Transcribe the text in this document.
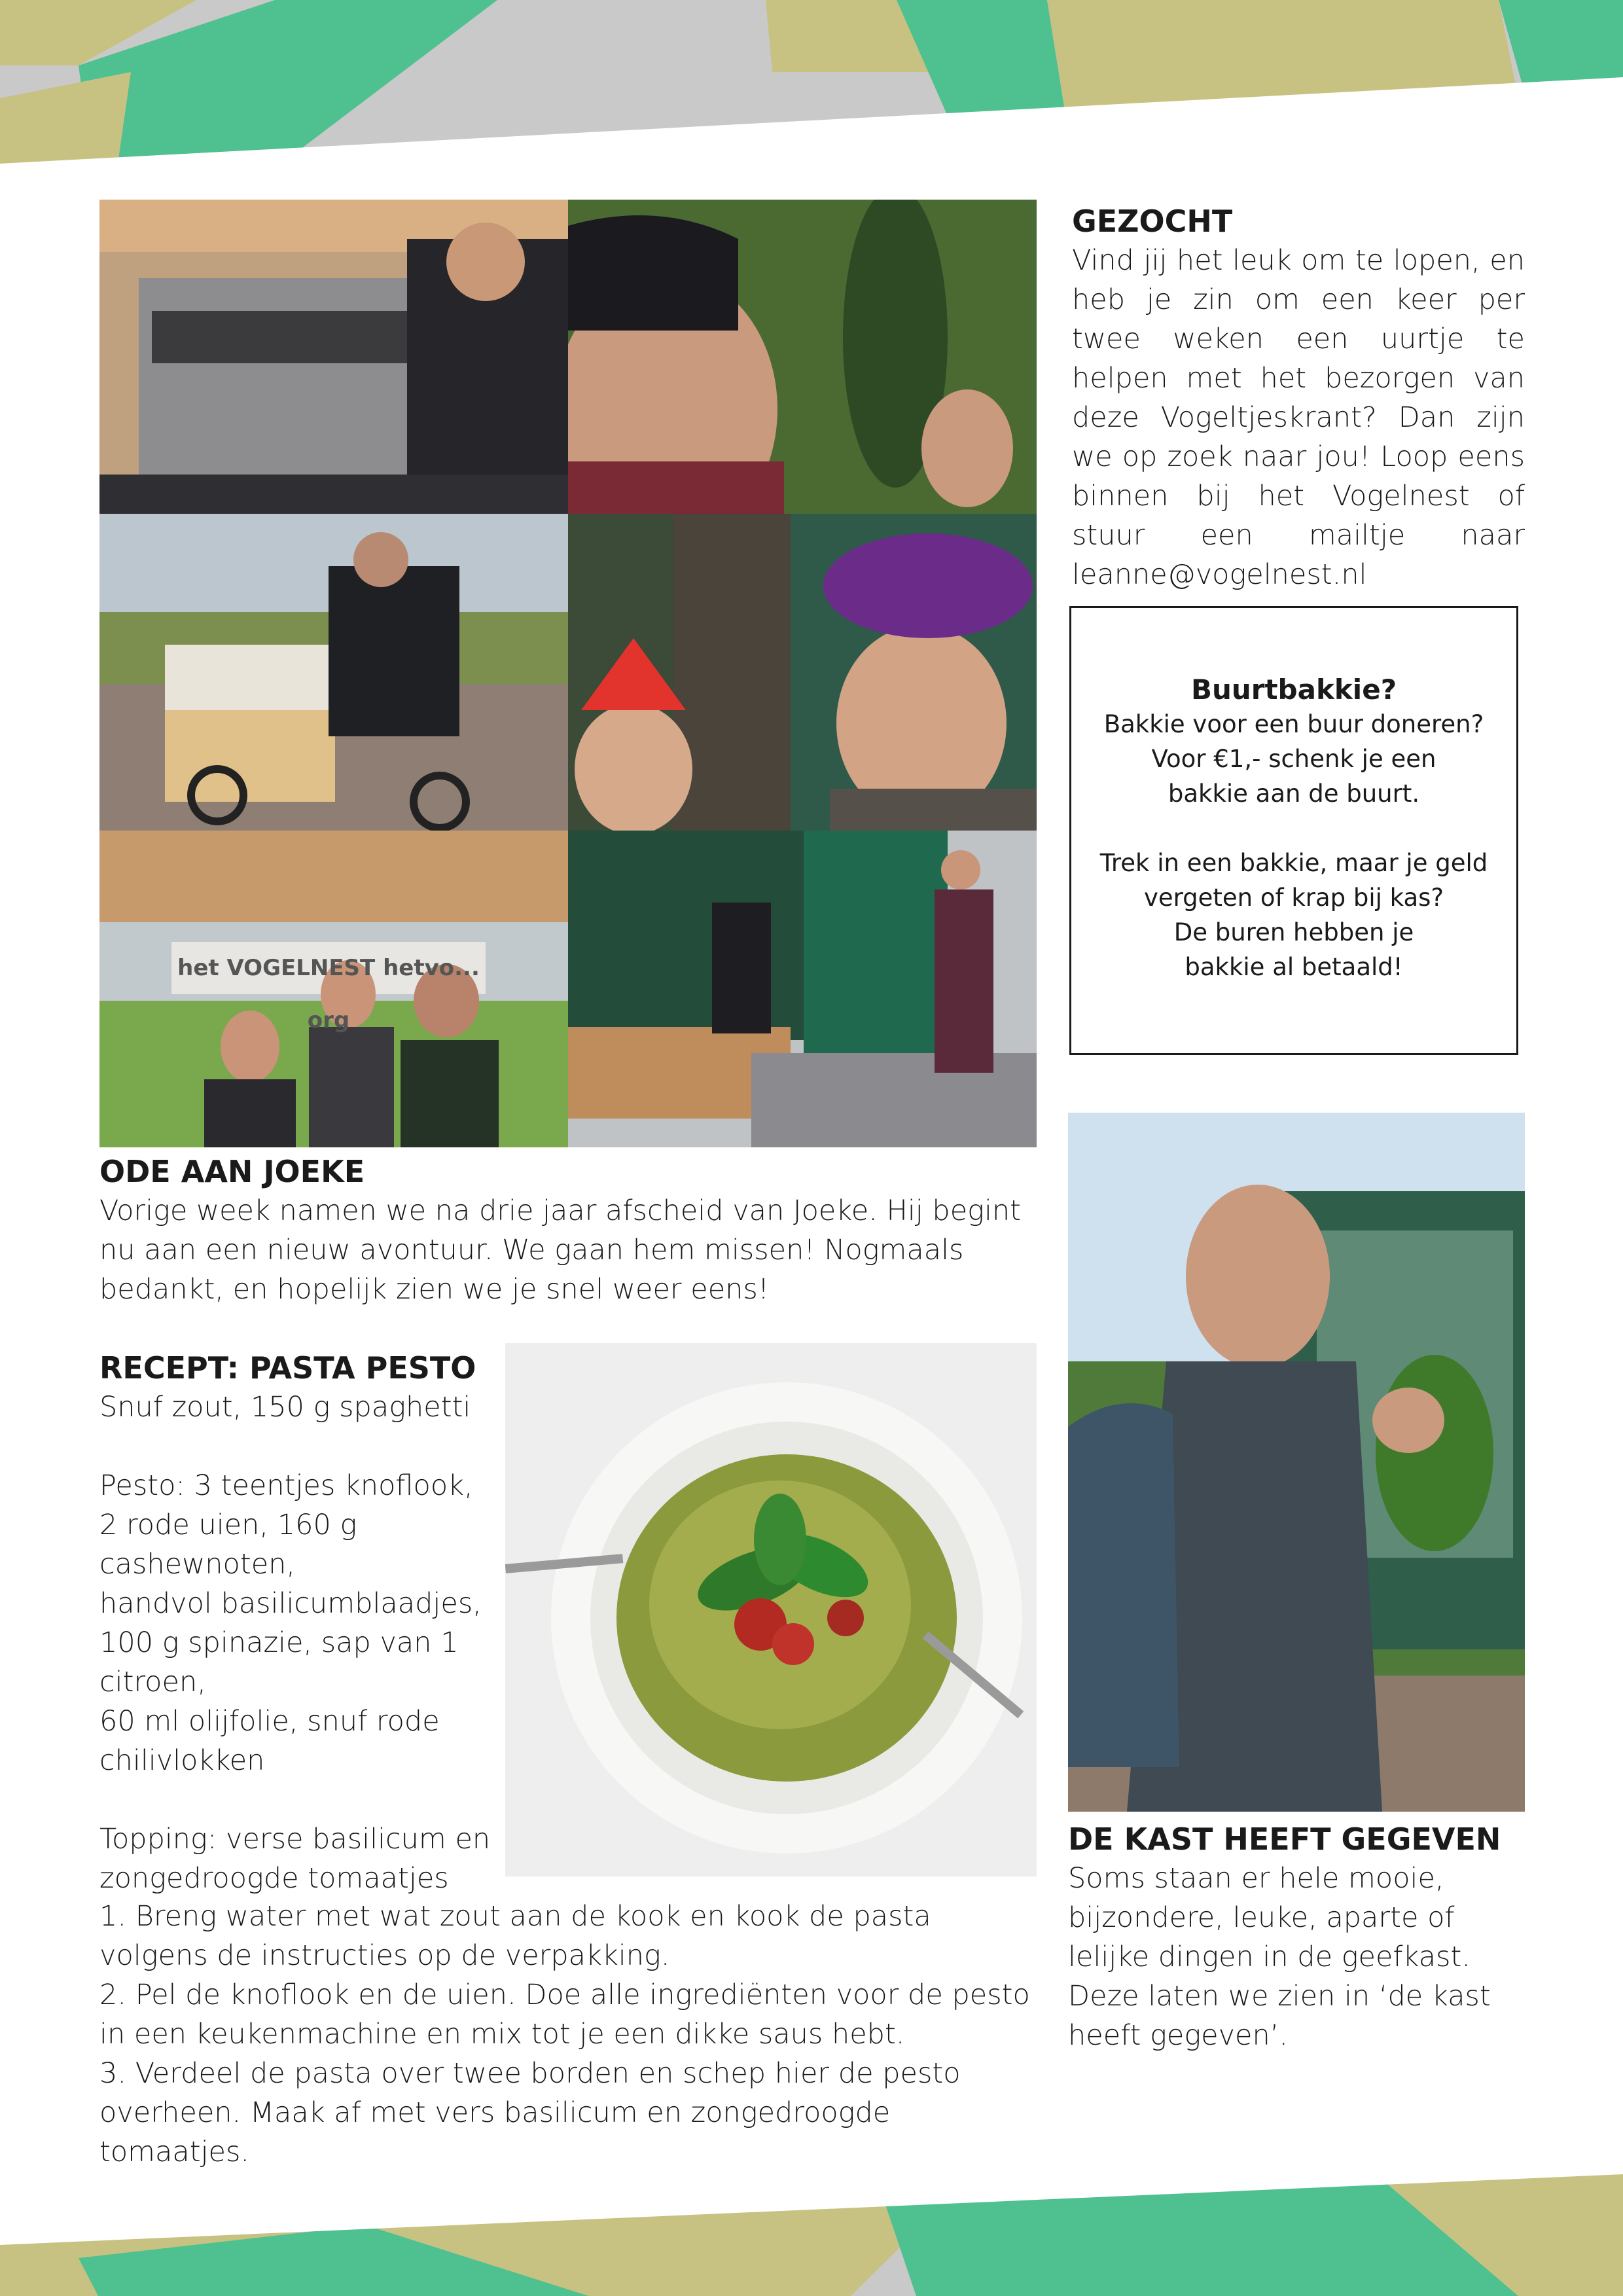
het VOGELNEST hetvo... org

ODE AAN JOEKE

Vorige week namen we na drie jaar afscheid van Joeke. Hij begint nu aan een nieuw avontuur. We gaan hem missen! Nogmaals bedankt, en hopelijk zien we je snel weer eens!

GEZOCHT

Vind jij het leuk om te lopen, en heb je zin om een keer per twee weken een uurtje te helpen met het bezorgen van deze Vogeltjeskrant? Dan zijn we op zoek naar jou! Loop eens binnen bij het Vogelnest of stuur een mailtje naar leanne@vogelnest.nl

Buurtbakkie?

Bakkie voor een buur doneren?

Voor €1,- schenk je een

bakkie aan de buurt.

Trek in een bakkie, maar je geld

vergeten of krap bij kas?

De buren hebben je

bakkie al betaald!

DE KAST HEEFT GEGEVEN

Soms staan er hele mooie, bijzondere, leuke, aparte of lelijke dingen in de geefkast. Deze laten we zien in ‘de kast heeft gegeven’.

RECEPT: PASTA PESTO

Snuf zout, 150 g spaghetti

Pesto: 3 teentjes knoflook,

2 rode uien, 160 g cashewnoten,

handvol basilicumblaadjes,

100 g spinazie, sap van 1 citroen,

60 ml olijfolie, snuf rode

chilivlokken

Topping: verse basilicum en

zongedroogde tomaatjes

1. Breng water met wat zout aan de kook en kook de pasta volgens de instructies op de verpakking.

2. Pel de knoflook en de uien. Doe alle ingrediënten voor de pesto in een keukenmachine en mix tot je een dikke saus hebt.

3. Verdeel de pasta over twee borden en schep hier de pesto overheen. Maak af met vers basilicum en zongedroogde tomaatjes.
